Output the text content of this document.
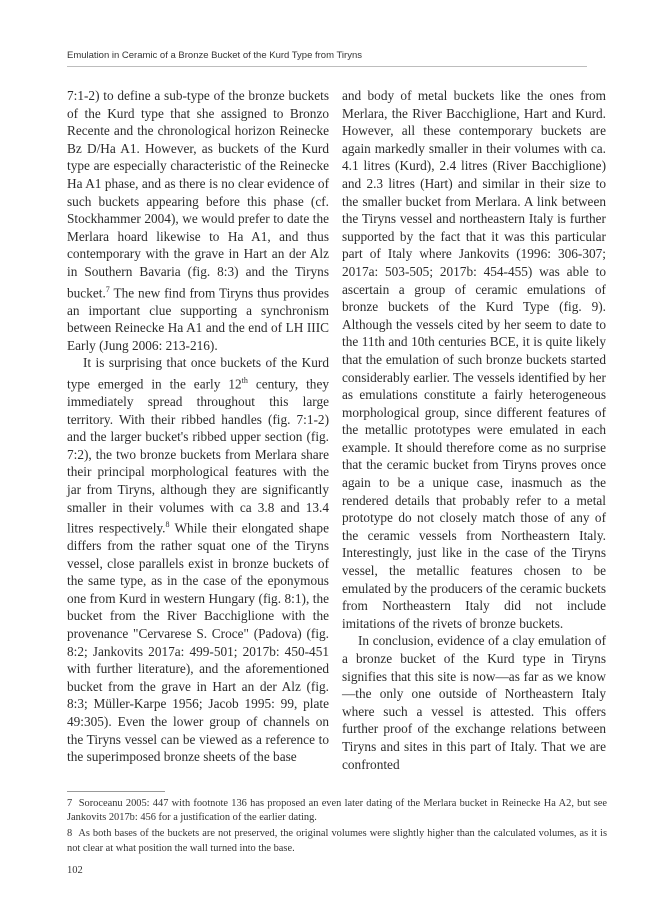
Emulation in Ceramic of a Bronze Bucket of the Kurd Type from Tiryns

7:1-2) to define a sub-type of the bronze buckets of the Kurd type that she assigned to Bronzo Recente and the chronological horizon Reinecke Bz D/Ha A1. However, as buckets of the Kurd type are especially characteristic of the Reinecke Ha A1 phase, and as there is no clear evidence of such buckets appearing before this phase (cf. Stockhammer 2004), we would prefer to date the Merlara hoard likewise to Ha A1, and thus contemporary with the grave in Hart an der Alz in Southern Bavaria (fig. 8:3) and the Tiryns bucket.$^7$ The new find from Tiryns thus provides an important clue supporting a synchronism between Reinecke Ha A1 and the end of LH IIIC Early (Jung 2006: 213-216).

It is surprising that once buckets of the Kurd type emerged in the early 12th century, they immediately spread throughout this large territory. With their ribbed handles (fig. 7:1-2) and the larger bucket's ribbed upper section (fig. 7:2), the two bronze buckets from Merlara share their principal morphological features with the jar from Tiryns, although they are significantly smaller in their volumes with ca 3.8 and 13.4 litres respectively.$^8$ While their elongated shape differs from the rather squat one of the Tiryns vessel, close parallels exist in bronze buckets of the same type, as in the case of the eponymous one from Kurd in western Hungary (fig. 8:1), the bucket from the River Bacchiglione with the provenance "Cervarese S. Croce" (Padova) (fig. 8:2; Jankovits 2017a: 499-501; 2017b: 450-451 with further literature), and the aforementioned bucket from the grave in Hart an der Alz (fig. 8:3; Müller-Karpe 1956; Jacob 1995: 99, plate 49:305). Even the lower group of channels on the Tiryns vessel can be viewed as a reference to the superimposed bronze sheets of the base

and body of metal buckets like the ones from Merlara, the River Bacchiglione, Hart and Kurd. However, all these contemporary buckets are again markedly smaller in their volumes with ca. 4.1 litres (Kurd), 2.4 litres (River Bacchiglione) and 2.3 litres (Hart) and similar in their size to the smaller bucket from Merlara. A link between the Tiryns vessel and northeastern Italy is further supported by the fact that it was this particular part of Italy where Jankovits (1996: 306-307; 2017a: 503-505; 2017b: 454-455) was able to ascertain a group of ceramic emulations of bronze buckets of the Kurd Type (fig. 9). Although the vessels cited by her seem to date to the 11th and 10th centuries BCE, it is quite likely that the emulation of such bronze buckets started considerably earlier. The vessels identified by her as emulations constitute a fairly heterogeneous morphological group, since different features of the metallic prototypes were emulated in each example. It should therefore come as no surprise that the ceramic bucket from Tiryns proves once again to be a unique case, inasmuch as the rendered details that probably refer to a metal prototype do not closely match those of any of the ceramic vessels from Northeastern Italy. Interestingly, just like in the case of the Tiryns vessel, the metallic features chosen to be emulated by the producers of the ceramic buckets from Northeastern Italy did not include imitations of the rivets of bronze buckets.

In conclusion, evidence of a clay emulation of a bronze bucket of the Kurd type in Tiryns signifies that this site is now—as far as we know—the only one outside of Northeastern Italy where such a vessel is attested. This offers further proof of the exchange relations between Tiryns and sites in this part of Italy. That we are confronted

7 Soroceanu 2005: 447 with footnote 136 has proposed an even later dating of the Merlara bucket in Reinecke Ha A2, but see Jankovits 2017b: 456 for a justification of the earlier dating.

8 As both bases of the buckets are not preserved, the original volumes were slightly higher than the calculated volumes, as it is not clear at what position the wall turned into the base.

102
